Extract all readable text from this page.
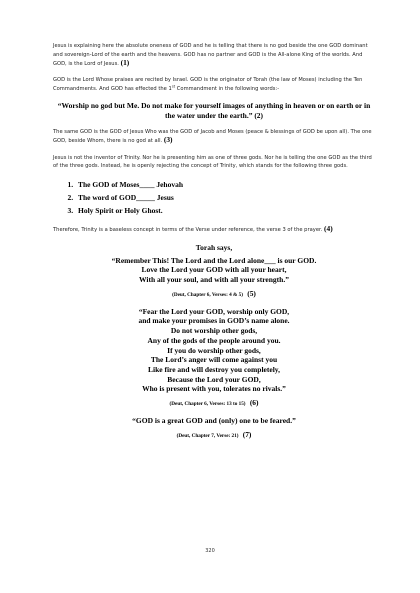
Jesus is explaining here the absolute oneness of GOD and he is telling that there is no god beside the one GOD dominant and sovereign-Lord of the earth and the heavens. GOD has no partner and GOD is the All-alone King of the worlds. And GOD, is the Lord of Jesus. (1)

GOD is the Lord Whose praises are recited by Israel. GOD is the originator of Torah (the law of Moses) including the Ten Commandments. And GOD has effected the 1st Commandment in the following words:-

“Worship no god but Me. Do not make for yourself images of anything in heaven or on earth or in the water under the earth.” (2)

The same GOD is the GOD of Jesus Who was the GOD of Jacob and Moses (peace & blessings of GOD be upon all). The one GOD, beside Whom, there is no god at all. (3)

Jesus is not the inventor of Trinity. Nor he is presenting him as one of three gods. Nor he is telling the one GOD as the third of the three gods. Instead, he is openly rejecting the concept of Trinity, which stands for the following three gods.

1. The GOD of Moses____ Jehovah
2. The word of GOD_____ Jesus
3. Holy Spirit or Holy Ghost.

Therefore, Trinity is a baseless concept in terms of the Verse under reference, the verse 3 of the prayer. (4)

Torah says,
“Remember This! The Lord and the Lord alone___ is our GOD.
Love the Lord your GOD with all your heart,
With all your soul, and with all your strength.”
(Deut, Chapter 6, Verses: 4 & 5) (5)
“Fear the Lord your GOD, worship only GOD,
and make your promises in GOD’s name alone.
Do not worship other gods,
Any of the gods of the people around you.
If you do worship other gods,
The Lord’s anger will come against you
Like fire and will destroy you completely,
Because the Lord your GOD,
Who is present with you, tolerates no rivals.”
(Deut, Chapter 6, Verses: 13 to 15) (6)
“GOD is a great GOD and (only) one to be feared.”
(Deut, Chapter 7, Verse: 21) (7)
320
